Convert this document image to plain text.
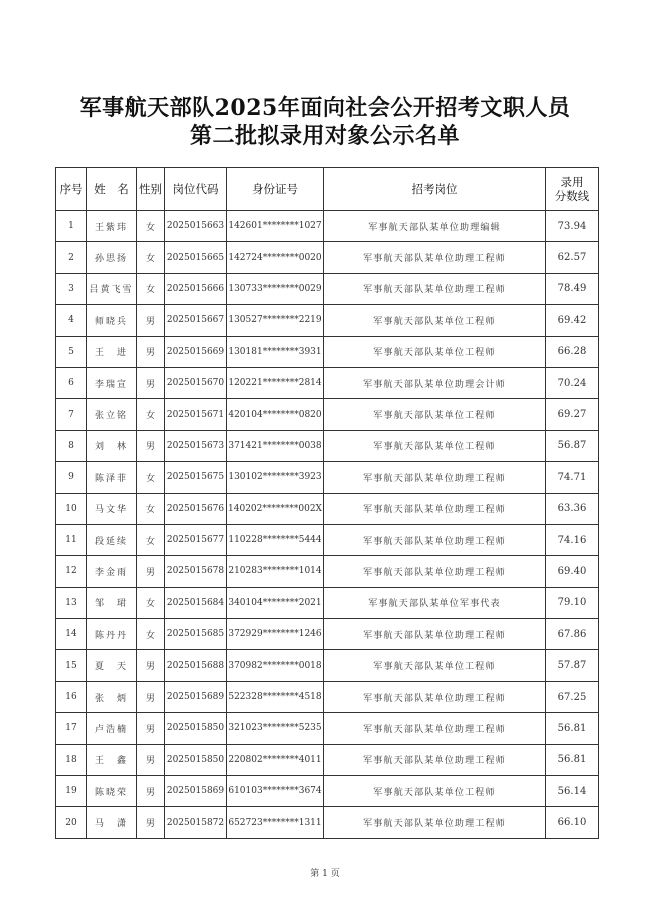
军事航天部队2025年面向社会公开招考文职人员
第二批拟录用对象公示名单
序号	姓　名	性别	岗位代码	身份证号	招考岗位	录用
分数线

1	王紫玮	女	2025015663	142601********1027	军事航天部队某单位助理编辑	73.94
2	孙思扬	女	2025015665	142724********0020	军事航天部队某单位助理工程师	62.57
3	吕黄飞雪	女	2025015666	130733********0029	军事航天部队某单位助理工程师	78.49
4	师晓兵	男	2025015667	130527********2219	军事航天部队某单位工程师	69.42
5	王　进	男	2025015669	130181********3931	军事航天部队某单位工程师	66.28
6	李瑞宣	男	2025015670	120221********2814	军事航天部队某单位助理会计师	70.24
7	张立铭	女	2025015671	420104********0820	军事航天部队某单位工程师	69.27
8	刘　林	男	2025015673	371421********0038	军事航天部队某单位工程师	56.87
9	陈泽菲	女	2025015675	130102********3923	军事航天部队某单位助理工程师	74.71
10	马文华	女	2025015676	140202********002X	军事航天部队某单位助理工程师	63.36
11	段延续	女	2025015677	110228********5444	军事航天部队某单位助理工程师	74.16
12	李金雨	男	2025015678	210283********1014	军事航天部队某单位助理工程师	69.40
13	邹　珺	女	2025015684	340104********2021	军事航天部队某单位军事代表	79.10
14	陈丹丹	女	2025015685	372929********1246	军事航天部队某单位助理工程师	67.86
15	夏　天	男	2025015688	370982********0018	军事航天部队某单位工程师	57.87
16	张　炳	男	2025015689	522328********4518	军事航天部队某单位助理工程师	67.25
17	卢浩楠	男	2025015850	321023********5235	军事航天部队某单位助理工程师	56.81
18	王　鑫	男	2025015850	220802********4011	军事航天部队某单位助理工程师	56.81
19	陈晓荣	男	2025015869	610103********3674	军事航天部队某单位工程师	56.14
20	马　潇	男	2025015872	652723********1311	军事航天部队某单位助理工程师	66.10
第 1 页
